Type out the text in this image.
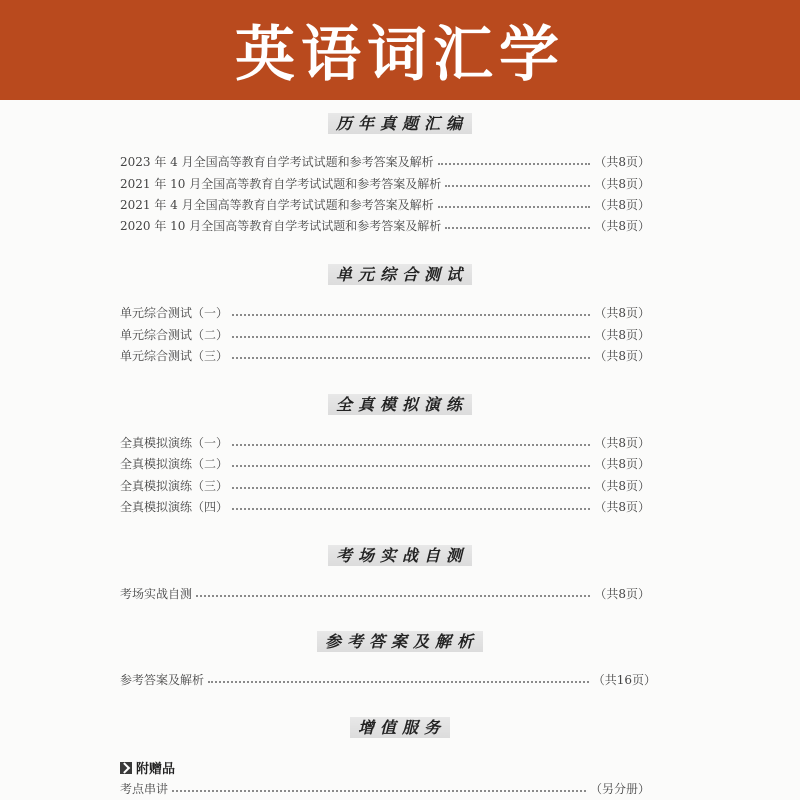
英语词汇学
历年真题汇编
2023 年 4 月全国高等教育自学考试试题和参考答案及解析	（共8页）
2021 年 10 月全国高等教育自学考试试题和参考答案及解析	（共8页）
2021 年 4 月全国高等教育自学考试试题和参考答案及解析	（共8页）
2020 年 10 月全国高等教育自学考试试题和参考答案及解析	（共8页）
单元综合测试
单元综合测试（一）	（共8页）
单元综合测试（二）	（共8页）
单元综合测试（三）	（共8页）
全真模拟演练
全真模拟演练（一）	（共8页）
全真模拟演练（二）	（共8页）
全真模拟演练（三）	（共8页）
全真模拟演练（四）	（共8页）
考场实战自测
考场实战自测	（共8页）
参考答案及解析
参考答案及解析	（共16页）
增值服务
附赠品
考点串讲	（另分册）
